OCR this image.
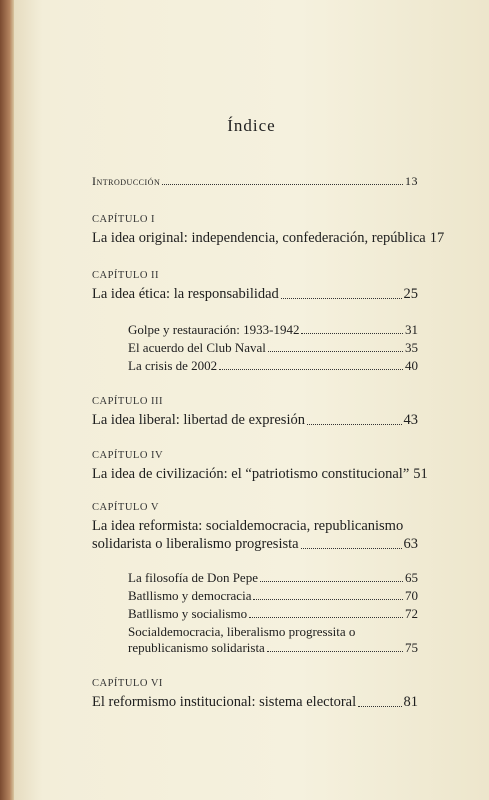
Índice
Introducción	13
CAPÍTULO I
La idea original: independencia, confederación, república 17
CAPÍTULO II
La idea ética: la responsabilidad	25
Golpe y restauración: 1933-1942	31
El acuerdo del Club Naval	35
La crisis de 2002	40
CAPÍTULO III
La idea liberal: libertad de expresión	43
CAPÍTULO IV
La idea de civilización: el “patriotismo constitucional” 51
CAPÍTULO V
La idea reformista: socialdemocracia, republicanismo
solidarista o liberalismo progresista	63
La filosofía de Don Pepe	65
Batllismo y democracia	70
Batllismo y socialismo	72
Socialdemocracia, liberalismo progressita o
republicanismo solidarista	75
CAPÍTULO VI
El reformismo institucional: sistema electoral	81
